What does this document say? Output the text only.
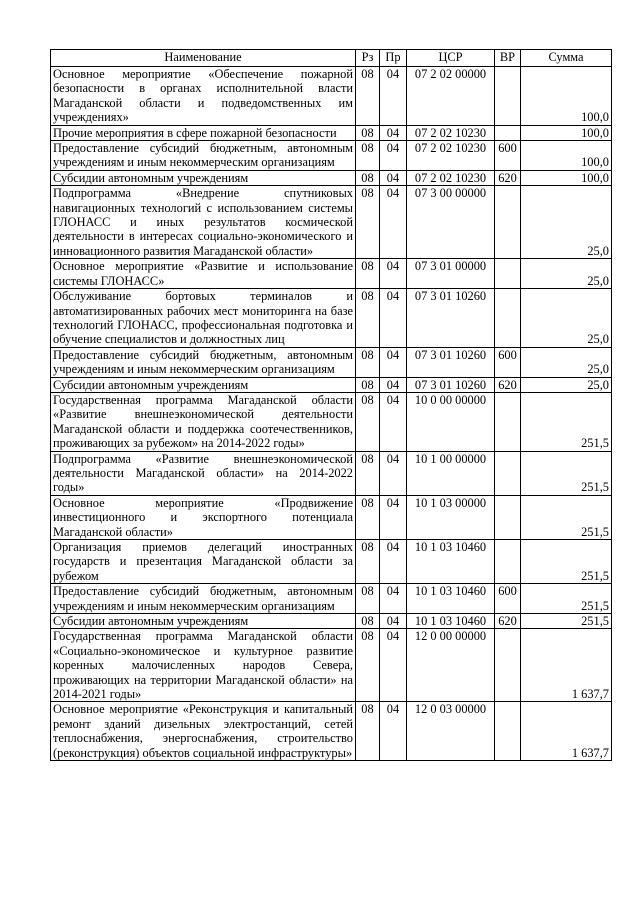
Наименование	Рз	Пр	ЦСР	ВР	Сумма
Основное мероприятие «Обеспечение пожарной безопасности в органах исполнительной власти Магаданской области и подведомственных им учреждениях»	08	04	07 2 02 00000		100,0
Прочие мероприятия в сфере пожарной безопасности	08	04	07 2 02 10230		100,0
Предоставление субсидий бюджетным, автономным учреждениям и иным некоммерческим организациям	08	04	07 2 02 10230	600	100,0
Субсидии автономным учреждениям	08	04	07 2 02 10230	620	100,0
Подпрограмма «Внедрение спутниковых навигационных технологий с использованием системы ГЛОНАСС и иных результатов космической деятельности в интересах социально-экономического и инновационного развития Магаданской области»	08	04	07 3 00 00000		25,0
Основное мероприятие «Развитие и использование системы ГЛОНАСС»	08	04	07 3 01 00000		25,0
Обслуживание бортовых терминалов и автоматизированных рабочих мест мониторинга на базе технологий ГЛОНАСС, профессиональная подготовка и обучение специалистов и должностных лиц	08	04	07 3 01 10260		25,0
Предоставление субсидий бюджетным, автономным учреждениям и иным некоммерческим организациям	08	04	07 3 01 10260	600	25,0
Субсидии автономным учреждениям	08	04	07 3 01 10260	620	25,0
Государственная программа Магаданской области «Развитие внешнеэкономической деятельности Магаданской области и поддержка соотечественников, проживающих за рубежом» на 2014-2022 годы»	08	04	10 0 00 00000		251,5
Подпрограмма «Развитие внешнеэкономической деятельности Магаданской области» на 2014-2022 годы»	08	04	10 1 00 00000		251,5
Основное мероприятие «Продвижение инвестиционного и экспортного потенциала Магаданской области»	08	04	10 1 03 00000		251,5
Организация приемов делегаций иностранных государств и презентация Магаданской области за рубежом	08	04	10 1 03 10460		251,5
Предоставление субсидий бюджетным, автономным учреждениям и иным некоммерческим организациям	08	04	10 1 03 10460	600	251,5
Субсидии автономным учреждениям	08	04	10 1 03 10460	620	251,5
Государственная программа Магаданской области «Социально-экономическое и культурное развитие коренных малочисленных народов Севера, проживающих на территории Магаданской области» на 2014-2021 годы»	08	04	12 0 00 00000		1 637,7
Основное мероприятие «Реконструкция и капитальный ремонт зданий дизельных электростанций, сетей теплоснабжения, энергоснабжения, строительство (реконструкция) объектов социальной инфраструктуры»	08	04	12 0 03 00000		1 637,7
